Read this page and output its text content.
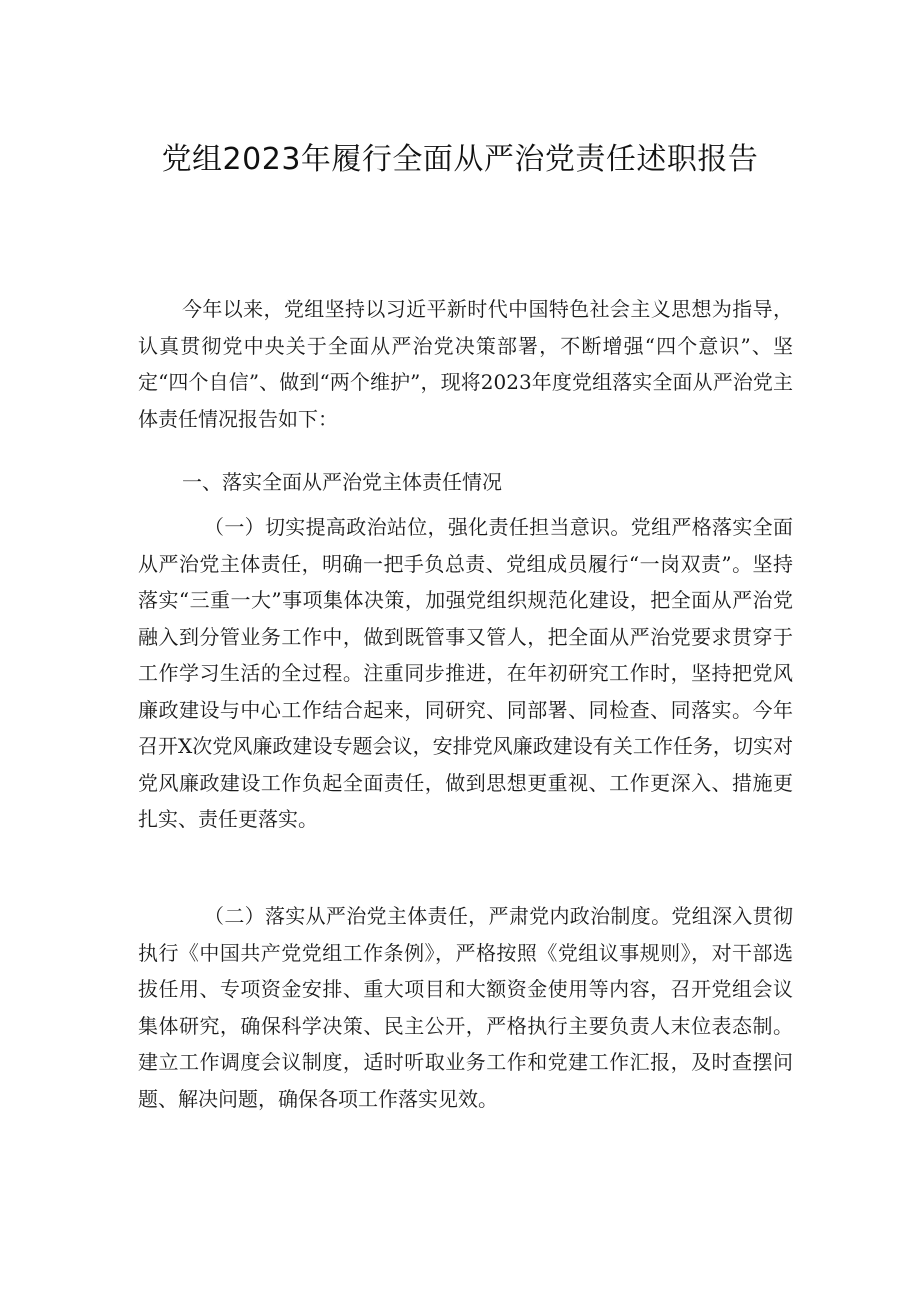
党组2023年履行全面从严治党责任述职报告

今年以来，党组坚持以习近平新时代中国特色社会主义思想为指导，认真贯彻党中央关于全面从严治党决策部署，不断增强“四个意识”、坚定“四个自信”、做到“两个维护”，现将2023年度党组落实全面从严治党主体责任情况报告如下：

一、落实全面从严治党主体责任情况

（一）切实提高政治站位，强化责任担当意识。党组严格落实全面从严治党主体责任，明确一把手负总责、党组成员履行“一岗双责”。坚持落实“三重一大”事项集体决策，加强党组织规范化建设，把全面从严治党融入到分管业务工作中，做到既管事又管人，把全面从严治党要求贯穿于工作学习生活的全过程。注重同步推进，在年初研究工作时，坚持把党风廉政建设与中心工作结合起来，同研究、同部署、同检查、同落实。今年召开X次党风廉政建设专题会议，安排党风廉政建设有关工作任务，切实对党风廉政建设工作负起全面责任，做到思想更重视、工作更深入、措施更扎实、责任更落实。

（二）落实从严治党主体责任，严肃党内政治制度。党组深入贯彻执行《中国共产党党组工作条例》，严格按照《党组议事规则》，对干部选拔任用、专项资金安排、重大项目和大额资金使用等内容，召开党组会议集体研究，确保科学决策、民主公开，严格执行主要负责人末位表态制。建立工作调度会议制度，适时听取业务工作和党建工作汇报，及时查摆问题、解决问题，确保各项工作落实见效。
